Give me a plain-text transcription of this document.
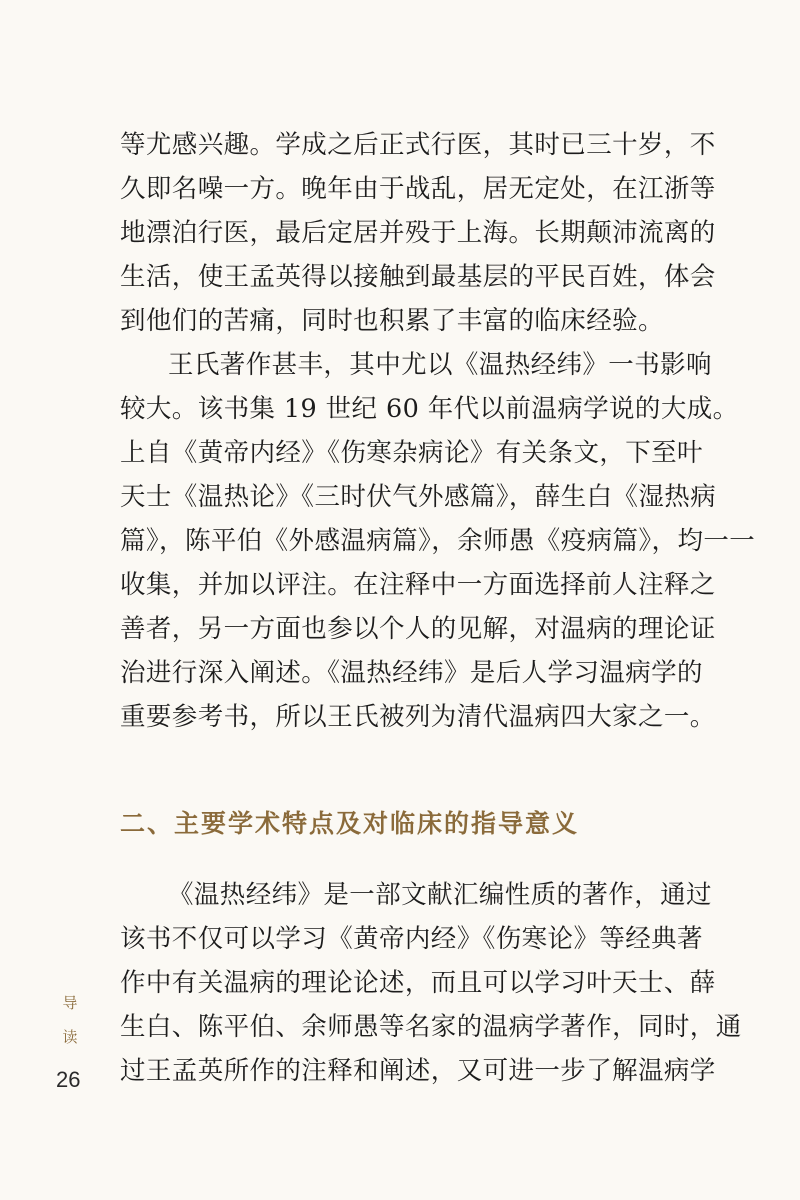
等尤感兴趣。学成之后正式行医，其时已三十岁，不
久即名噪一方。晚年由于战乱，居无定处，在江浙等
地漂泊行医，最后定居并殁于上海。长期颠沛流离的
生活，使王孟英得以接触到最基层的平民百姓，体会
到他们的苦痛，同时也积累了丰富的临床经验。
王氏著作甚丰，其中尤以《温热经纬》一书影响
较大。该书集 19 世纪 60 年代以前温病学说的大成。
上自《黄帝内经》《伤寒杂病论》有关条文，下至叶
天士《温热论》《三时伏气外感篇》，薛生白《湿热病
篇》，陈平伯《外感温病篇》，余师愚《疫病篇》，均一一
收集，并加以评注。在注释中一方面选择前人注释之
善者，另一方面也参以个人的见解，对温病的理论证
治进行深入阐述。《温热经纬》是后人学习温病学的
重要参考书，所以王氏被列为清代温病四大家之一。
二、主要学术特点及对临床的指导意义
《温热经纬》是一部文献汇编性质的著作，通过
该书不仅可以学习《黄帝内经》《伤寒论》等经典著
作中有关温病的理论论述，而且可以学习叶天士、薛
生白、陈平伯、余师愚等名家的温病学著作，同时，通
过王孟英所作的注释和阐述，又可进一步了解温病学
导
读
26
